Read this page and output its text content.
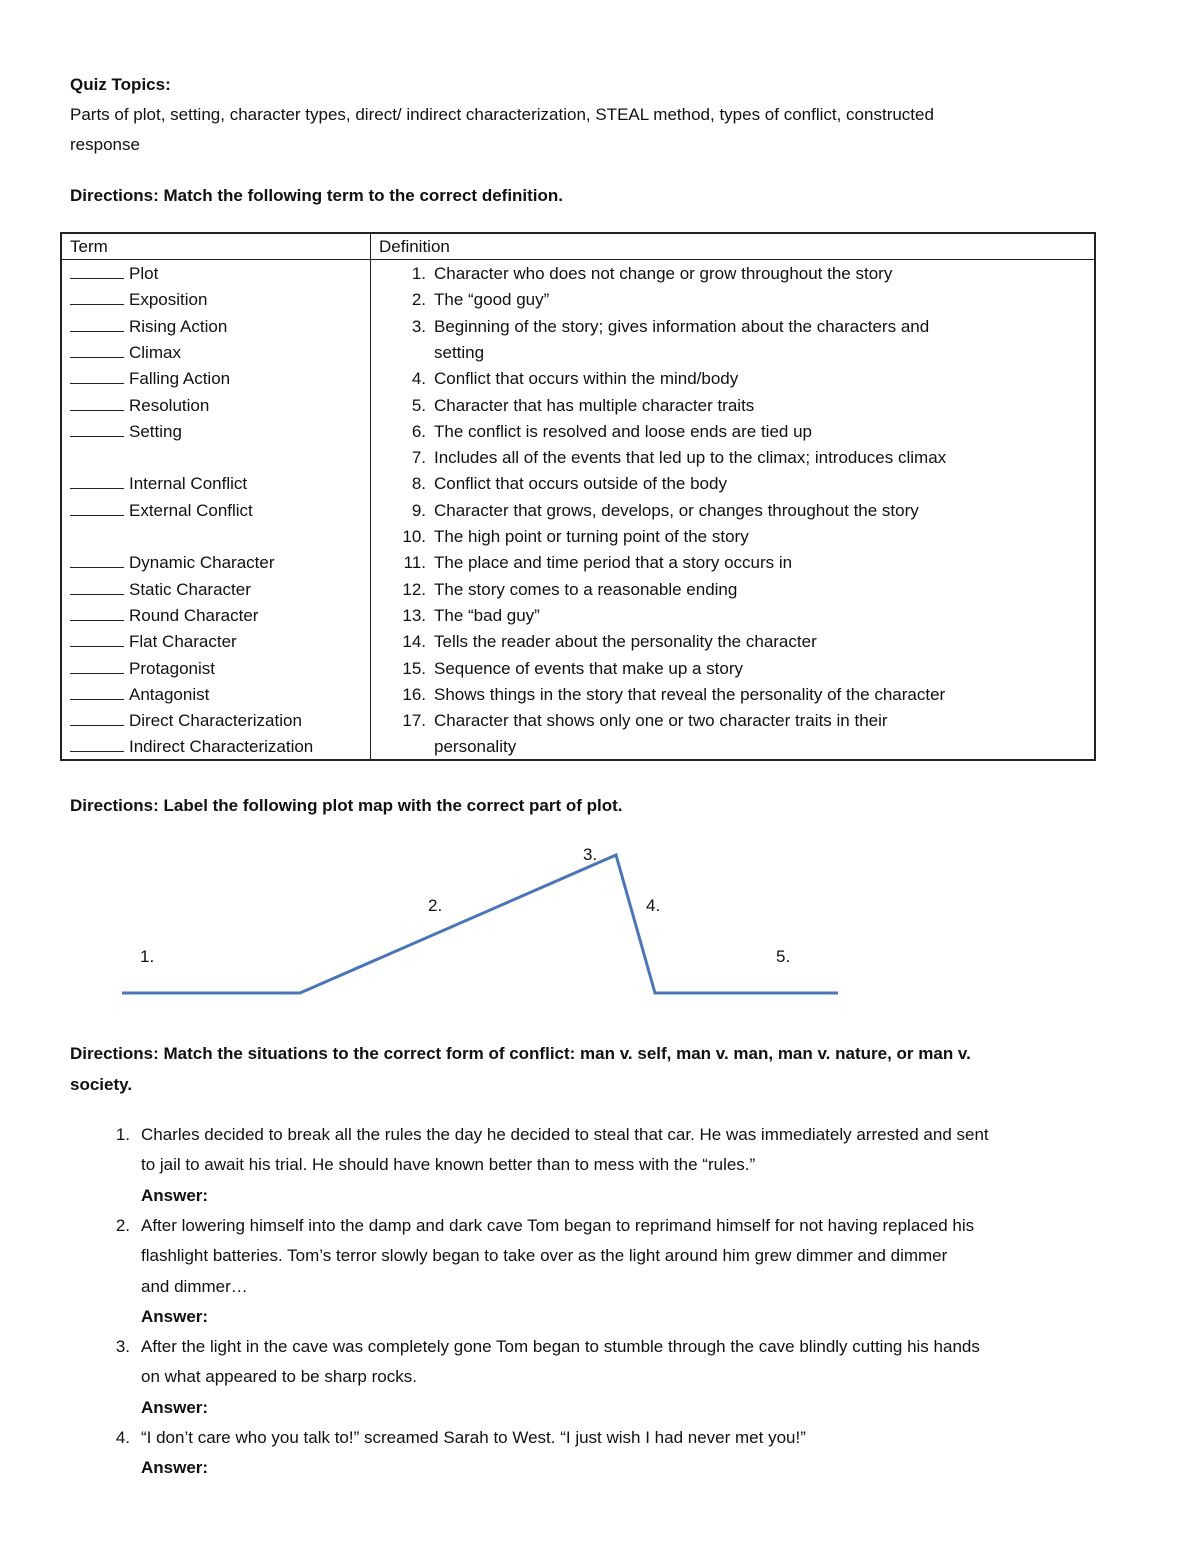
Quiz Topics:
Parts of plot, setting, character types, direct/ indirect characterization, STEAL method, types of conflict, constructed
response
Directions: Match the following term to the correct definition.
Term	Definition
Plot
Exposition
Rising Action
Climax
Falling Action
Resolution
Setting
Internal Conflict
External Conflict
Dynamic Character
Static Character
Round Character
Flat Character
Protagonist
Antagonist
Direct Characterization
Indirect Characterization
1. Character who does not change or grow throughout the story
2. The “good guy”
3. Beginning of the story; gives information about the characters and
setting
4. Conflict that occurs within the mind/body
5. Character that has multiple character traits
6. The conflict is resolved and loose ends are tied up
7. Includes all of the events that led up to the climax; introduces climax
8. Conflict that occurs outside of the body
9. Character that grows, develops, or changes throughout the story
10. The high point or turning point of the story
11. The place and time period that a story occurs in
12. The story comes to a reasonable ending
13. The “bad guy”
14. Tells the reader about the personality the character
15. Sequence of events that make up a story
16. Shows things in the story that reveal the personality of the character
17. Character that shows only one or two character traits in their
personality
Directions: Label the following plot map with the correct part of plot.
1.
2.
3.
4.
5.
Directions: Match the situations to the correct form of conflict: man v. self, man v. man, man v. nature, or man v.
society.
1. Charles decided to break all the rules the day he decided to steal that car. He was immediately arrested and sent
to jail to await his trial. He should have known better than to mess with the “rules.”
Answer:
2. After lowering himself into the damp and dark cave Tom began to reprimand himself for not having replaced his
flashlight batteries. Tom’s terror slowly began to take over as the light around him grew dimmer and dimmer
and dimmer…
Answer:
3. After the light in the cave was completely gone Tom began to stumble through the cave blindly cutting his hands
on what appeared to be sharp rocks.
Answer:
4. “I don’t care who you talk to!” screamed Sarah to West. “I just wish I had never met you!”
Answer:
